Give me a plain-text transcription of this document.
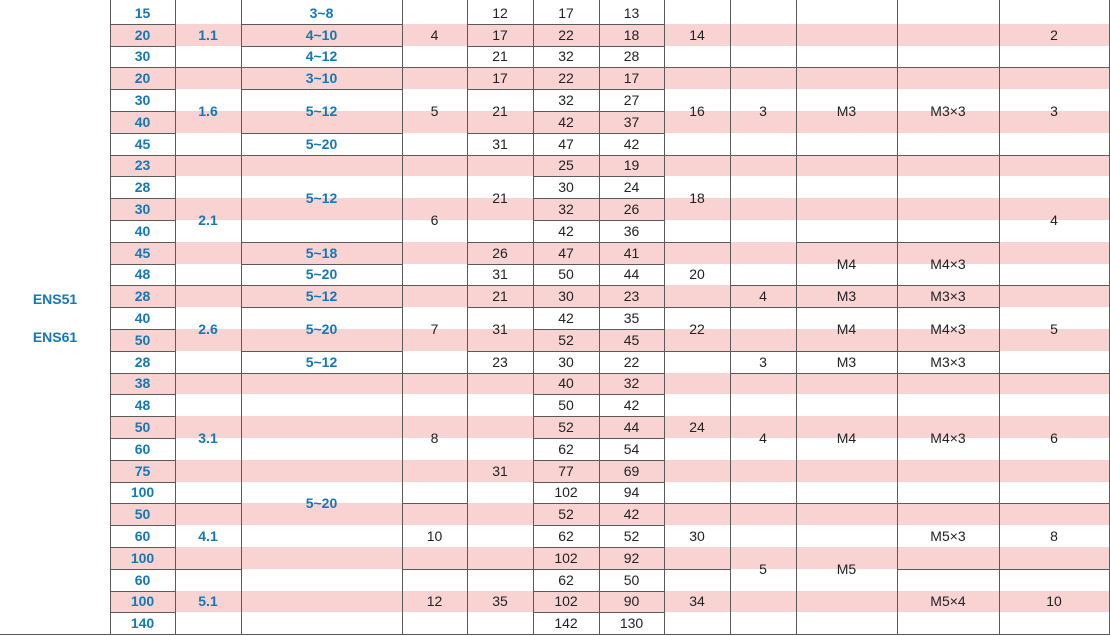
ENS51
ENS61
15
20
30
20
30
40
45
23
28
30
40
45
48
28
40
50
28
38
48
50
60
75
100
50
60
100
60
100
140
1.1
1.6
2.1
2.6
3.1
4.1
5.1
3~8
4~10
4~12
3~10
5~12
5~20
5~12
5~18
5~20
5~12
5~20
5~12
5~20
4
5
6
7
8
10
12
12
17
21
17
21
31
21
26
31
21
31
23
31
35
17
22
32
22
32
42
47
25
30
32
42
47
50
30
42
52
30
40
50
52
62
77
102
52
62
102
62
102
142
13
18
28
17
27
37
42
19
24
26
36
41
44
23
35
45
22
32
42
44
54
69
94
42
52
92
50
90
130
14
16
18
20
22
24
30
34
3
4
3
4
5
M3
M4
M3
M4
M3
M4
M5
M3×3
M4×3
M3×3
M4×3
M3×3
M4×3
M5×3
M5×4
2
3
4
5
6
8
10
